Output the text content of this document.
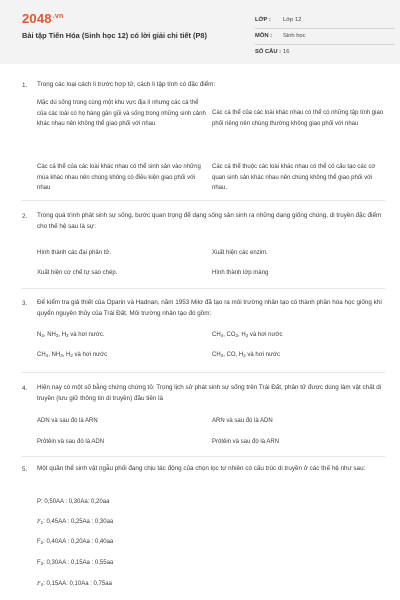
$2048^{.vn}$
Bài tập Tiến Hóa (Sinh học 12) có lời giải chi tiết (P8)
LỚP : Lớp 12
MÔN : Sinh học
SỐ CÂU : 16
1. Trong các loại cách li trước hợp tử, cách li tập tính có đặc điểm:
Mặc dù sống trong cùng một khu vực địa lí nhưng các cá thể của các loài có họ hàng gần gũi và sống trong những sinh cảnh khác nhau nên không thể giao phối với nhau
Các cá thể của các loài khác nhau có thể có những tập tính giao phối riêng nên chúng thường không giao phối với nhau
Các cá thể của các loài khác nhau có thể sinh sản vào những mùa khác nhau nên chúng không có điều kiện giao phối với nhau
Các cá thể thuộc các loài khác nhau có thể có cấu tạo các cơ quan sinh sản khác nhau nên chúng không thể giao phối với nhau.
2. Trong quá trình phát sinh sự sống, bước quan trọng để dạng sống sản sinh ra những dạng giống chúng, di truyền đặc điểm cho thế hệ sau là sự:
Hình thành các đại phân tử.	Xuất hiện các enzim.
Xuất hiện cơ chế tự sao chép.	Hình thành lớp màng
3. Để kiểm tra giả thiết của Oparin và Hadnan, năm 1953 Milơ đã tạo ra môi trường nhân tạo có thành phần hóa học giống khí quyển nguyên thủy của Trái Đất. Môi trường nhân tạo đó gồm:
$N_2$, $NH_3$, $H_2$ và hơi nước.	$CH_4$, $CO_2$, $H_2$ và hơi nước
$CH_4$, $NH_3$, $H_2$ và hơi nước	$CH_4$, CO, $H_2$ và hơi nước
4. Hiện nay có một số bằng chứng chứng tỏ: Trong lịch sử phát sinh sự sống trên Trái Đất, phân tử được dùng làm vật chất di truyền (lưu giữ thông tin di truyền) đầu tiên là
ADN và sau đó là ARN	ARN và sau đó là ADN
Prôtêin và sau đó là ADN	Prôtêin và sau đó là ARN
5. Một quần thể sinh vật ngẫu phối đang chịu tác động của chọn lọc tự nhiên có cấu trúc di truyền ở các thế hệ như sau:
P: 0,50AA : 0,30Aa: 0,20aa
$F_1$: 0,45AA : 0,25Aa : 0,30aa
$F_2$: 0,40AA : 0,20Aa : 0,40aa
$F_3$: 0,30AA : 0,15Aa : 0,55aa
$F_4$: 0,15AA: 0,10Aa : 0,75aa
